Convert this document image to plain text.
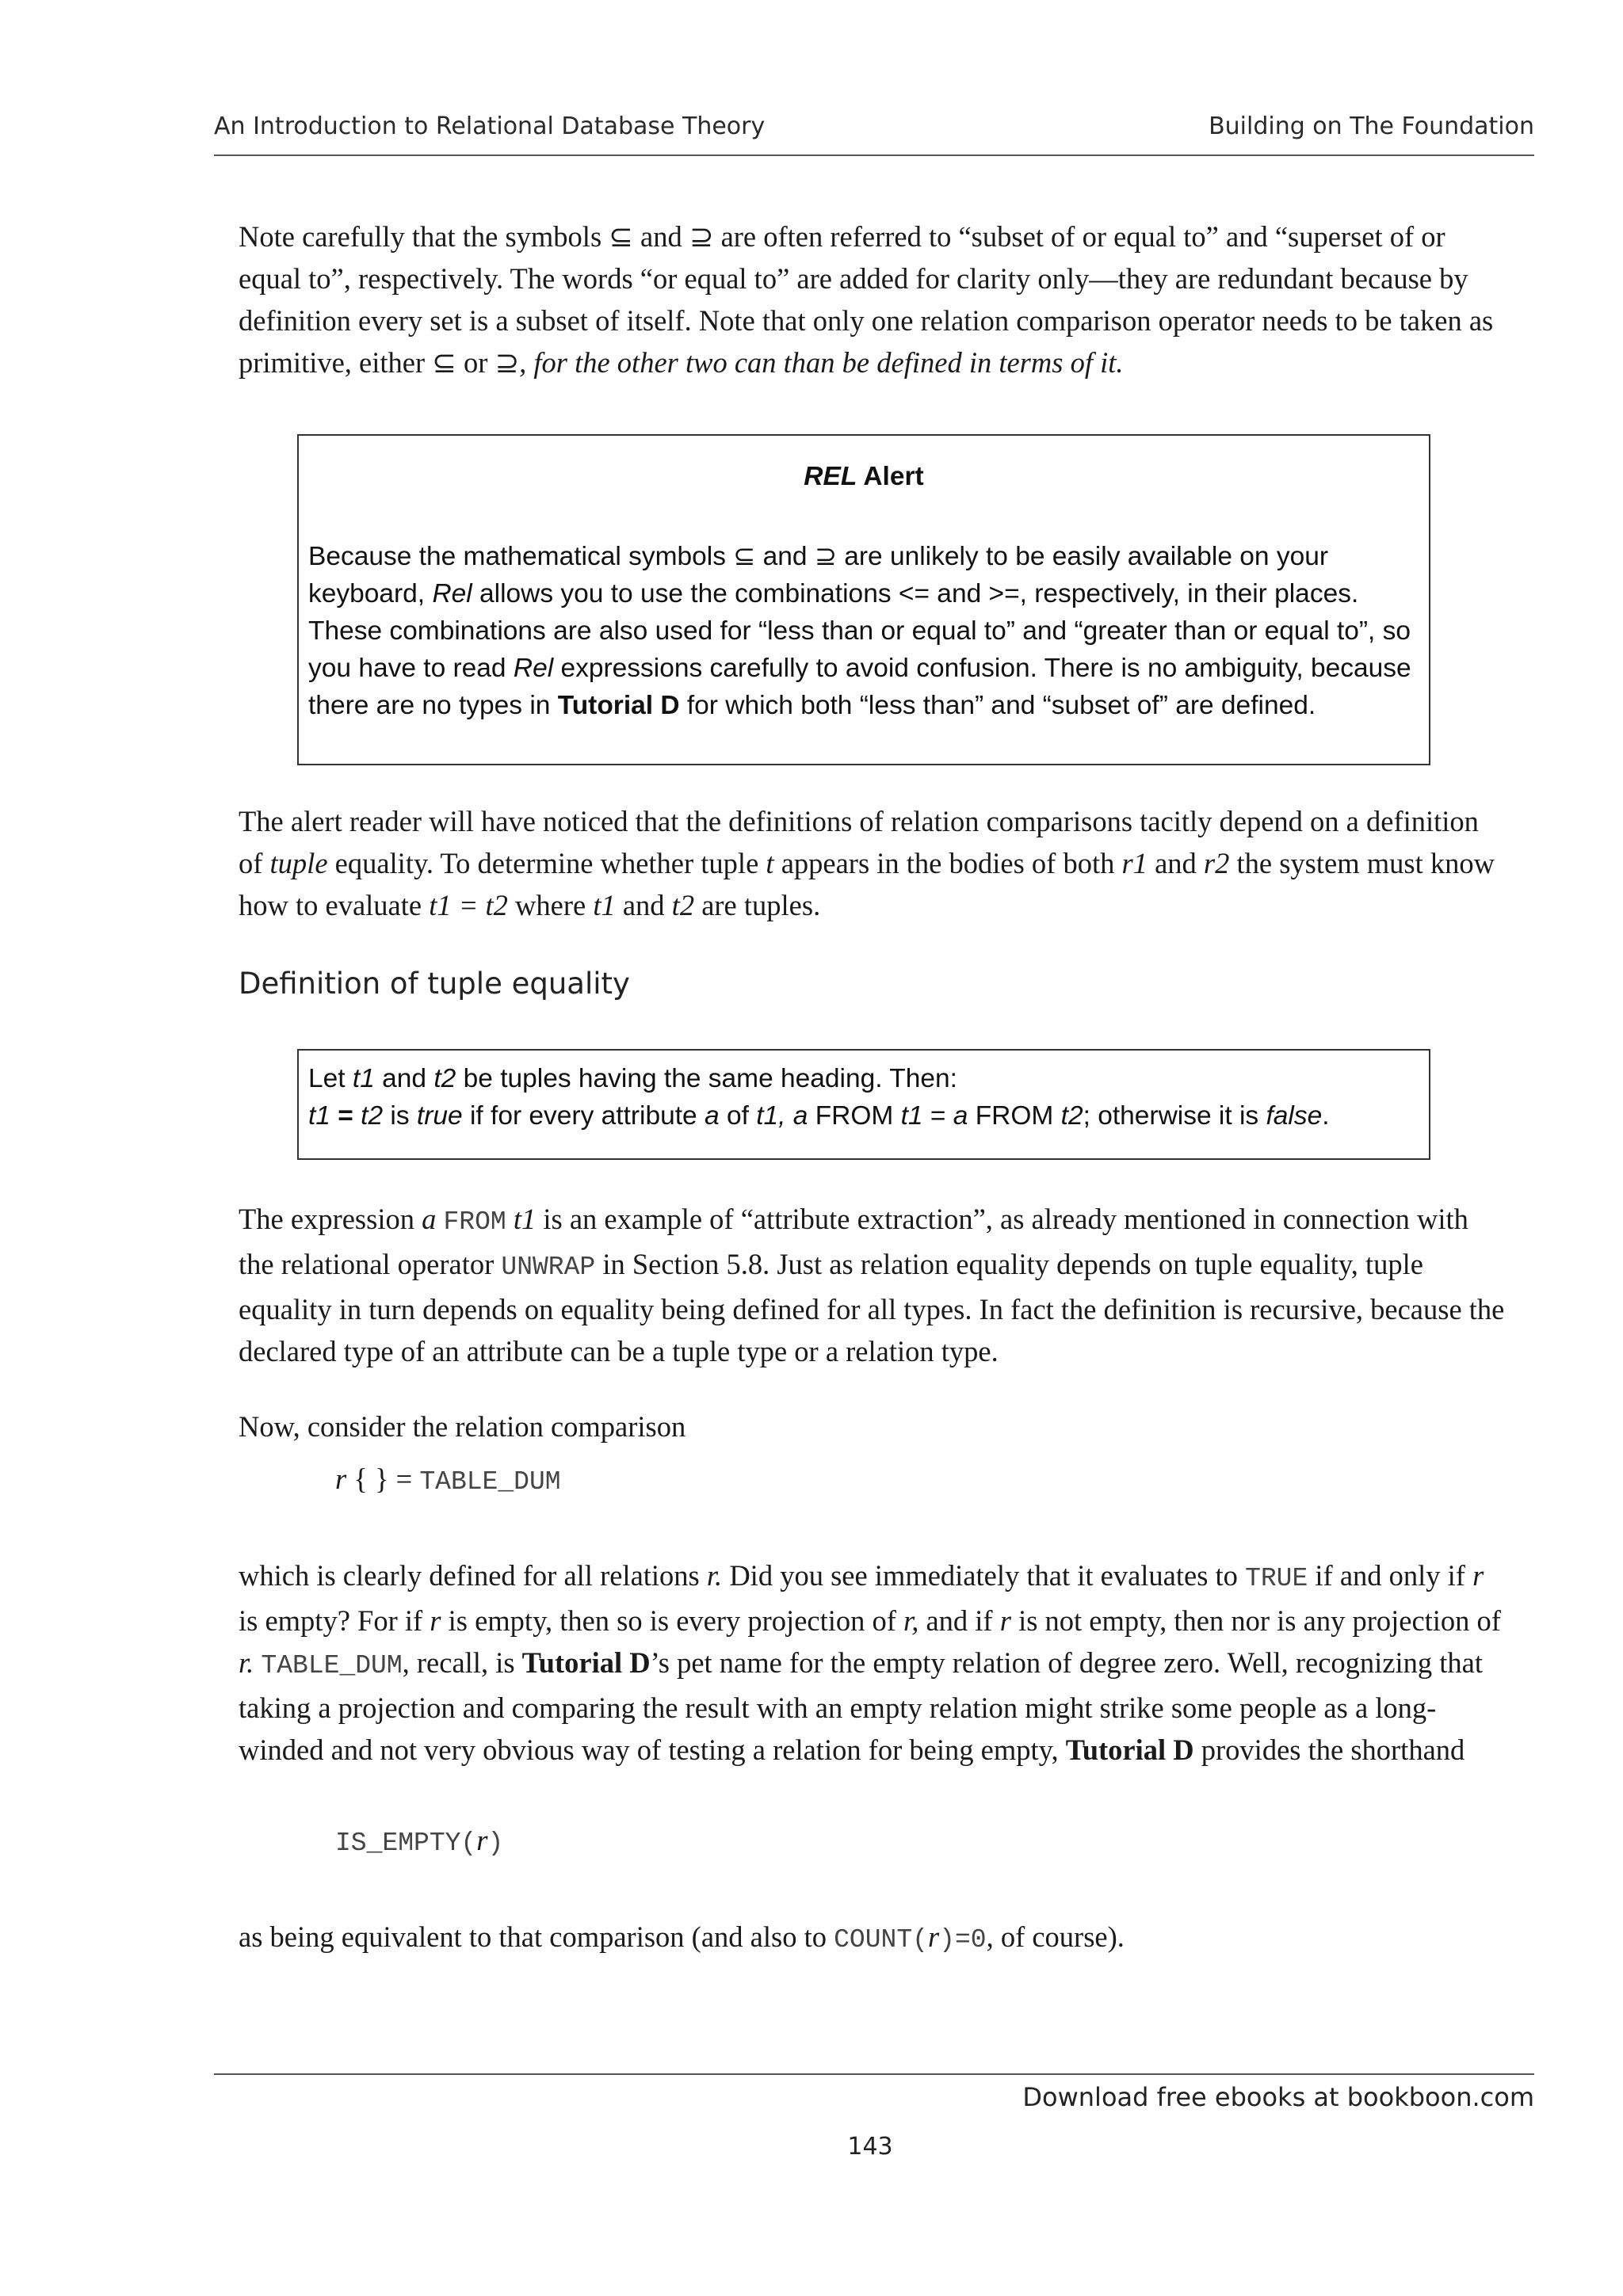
An Introduction to Relational Database Theory	Building on The Foundation

Note carefully that the symbols ⊆ and ⊇ are often referred to “subset of or equal to” and “superset of or equal to”, respectively. The words “or equal to” are added for clarity only—they are redundant because by definition every set is a subset of itself. Note that only one relation comparison operator needs to be taken as primitive, either ⊆ or ⊇, for the other two can than be defined in terms of it.

REL Alert
Because the mathematical symbols ⊆ and ⊇ are unlikely to be easily available on your keyboard, Rel allows you to use the combinations <= and >=, respectively, in their places. These combinations are also used for “less than or equal to” and “greater than or equal to”, so you have to read Rel expressions carefully to avoid confusion. There is no ambiguity, because there are no types in Tutorial D for which both “less than” and “subset of” are defined.

The alert reader will have noticed that the definitions of relation comparisons tacitly depend on a definition of tuple equality. To determine whether tuple t appears in the bodies of both r1 and r2 the system must know how to evaluate t1 = t2 where t1 and t2 are tuples.

Definition of tuple equality
Let t1 and t2 be tuples having the same heading. Then:
t1 = t2 is true if for every attribute a of t1, a FROM t1 = a FROM t2; otherwise it is false.

The expression a FROM t1 is an example of “attribute extraction”, as already mentioned in connection with the relational operator UNWRAP in Section 5.8. Just as relation equality depends on tuple equality, tuple equality in turn depends on equality being defined for all types. In fact the definition is recursive, because the declared type of an attribute can be a tuple type or a relation type.

Now, consider the relation comparison

r { } = TABLE_DUM

which is clearly defined for all relations r. Did you see immediately that it evaluates to TRUE if and only if r is empty? For if r is empty, then so is every projection of r, and if r is not empty, then nor is any projection of r. TABLE_DUM, recall, is Tutorial D’s pet name for the empty relation of degree zero. Well, recognizing that taking a projection and comparing the result with an empty relation might strike some people as a long-winded and not very obvious way of testing a relation for being empty, Tutorial D provides the shorthand

IS_EMPTY(r)

as being equivalent to that comparison (and also to COUNT(r)=0, of course).

Download free ebooks at bookboon.com
143
